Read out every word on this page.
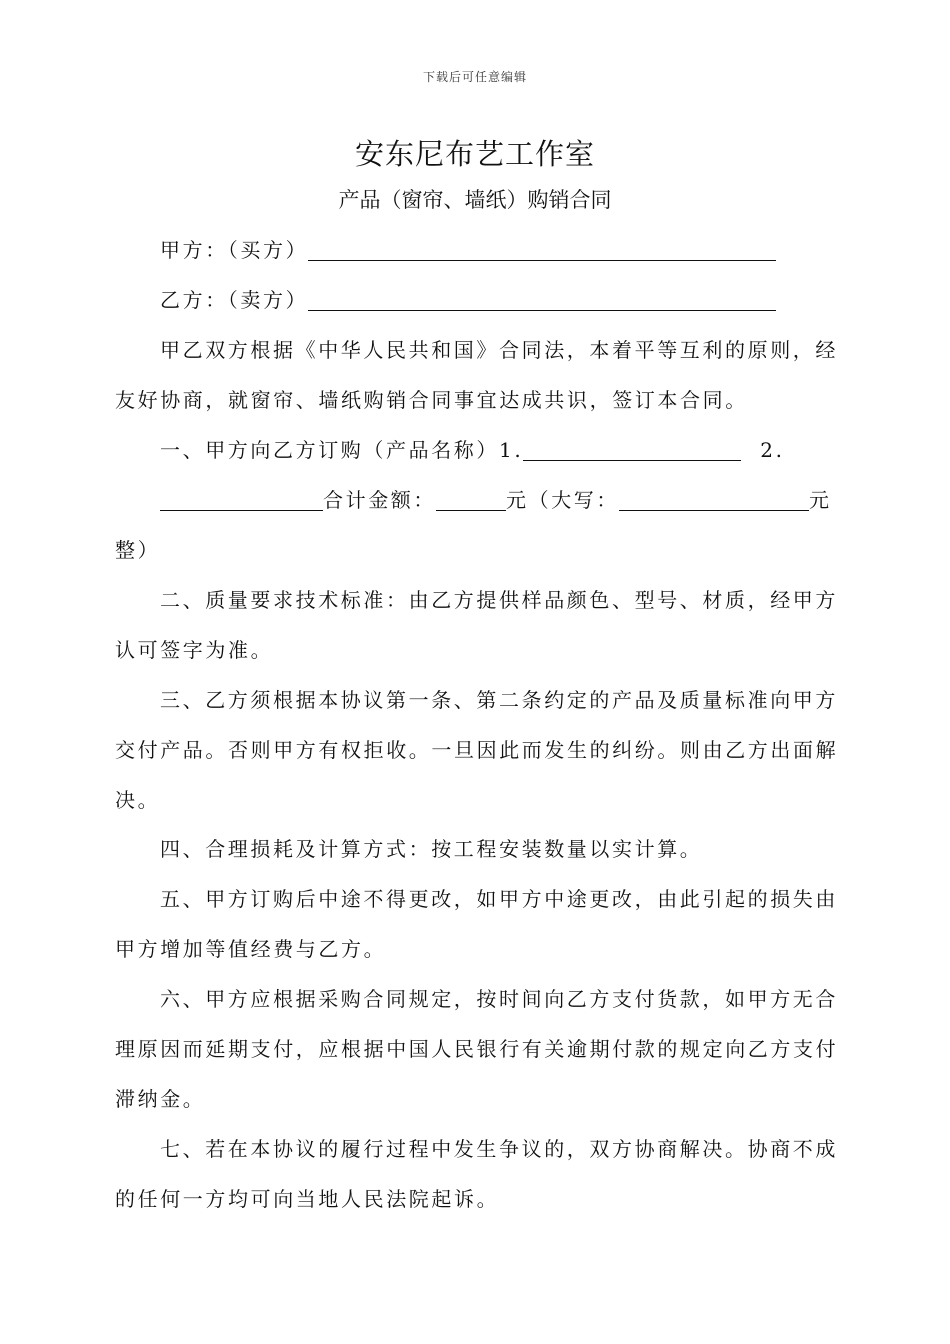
下载后可任意编辑
安东尼布艺工作室
产品（窗帘、墙纸）购销合同
甲方：（买方）
乙方：（卖方）
甲乙双方根据《中华人民共和国》合同法，本着平等互利的原则，经
友好协商，就窗帘、墙纸购销合同事宜达成共识，签订本合同。
一、甲方向乙方订购（产品名称）1.	2.
合计金额：	元（大写：	元
整）
二、质量要求技术标准：由乙方提供样品颜色、型号、材质，经甲方
认可签字为准。
三、乙方须根据本协议第一条、第二条约定的产品及质量标准向甲方
交付产品。否则甲方有权拒收。一旦因此而发生的纠纷。则由乙方出面解
决。
四、合理损耗及计算方式：按工程安装数量以实计算。
五、甲方订购后中途不得更改，如甲方中途更改，由此引起的损失由
甲方增加等值经费与乙方。
六、甲方应根据采购合同规定，按时间向乙方支付货款，如甲方无合
理原因而延期支付，应根据中国人民银行有关逾期付款的规定向乙方支付
滞纳金。
七、若在本协议的履行过程中发生争议的，双方协商解决。协商不成
的任何一方均可向当地人民法院起诉。
